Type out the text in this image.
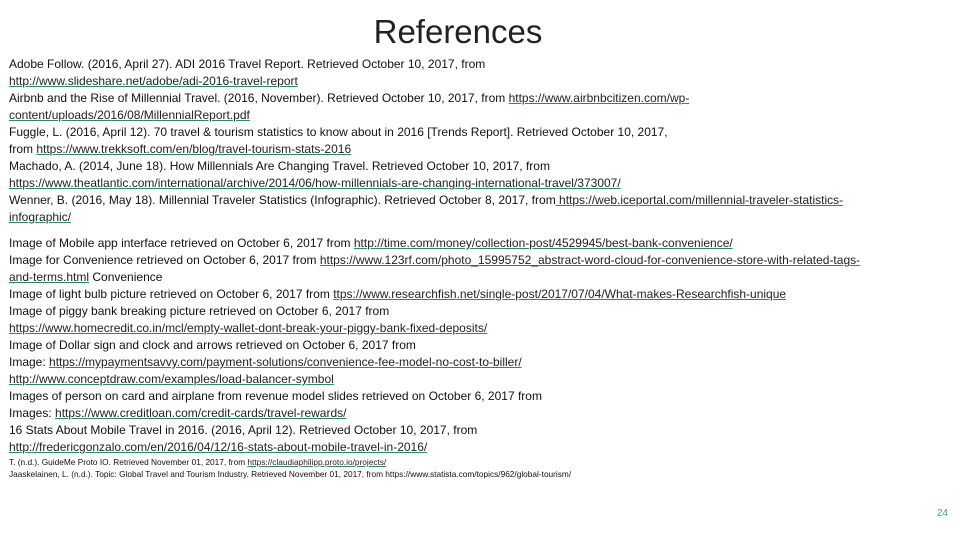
References
Adobe Follow. (2016, April 27). ADI 2016 Travel Report. Retrieved October 10, 2017, from
http://www.slideshare.net/adobe/adi-2016-travel-report
Airbnb and the Rise of Millennial Travel. (2016, November). Retrieved October 10, 2017, from https://www.airbnbcitizen.com/wp-
content/uploads/2016/08/MillennialReport.pdf
Fuggle, L. (2016, April 12). 70 travel & tourism statistics to know about in 2016 [Trends Report]. Retrieved October 10, 2017,
from https://www.trekksoft.com/en/blog/travel-tourism-stats-2016
Machado, A. (2014, June 18). How Millennials Are Changing Travel. Retrieved October 10, 2017, from
https://www.theatlantic.com/international/archive/2014/06/how-millennials-are-changing-international-travel/373007/
Wenner, B. (2016, May 18). Millennial Traveler Statistics (Infographic). Retrieved October 8, 2017, from https://web.iceportal.com/millennial-traveler-statistics-
infographic/
Image of Mobile app interface retrieved on October 6, 2017 from http://time.com/money/collection-post/4529945/best-bank-convenience/
Image for Convenience retrieved on October 6, 2017 from https://www.123rf.com/photo_15995752_abstract-word-cloud-for-convenience-store-with-related-tags-
and-terms.html Convenience
Image of light bulb picture retrieved on October 6, 2017 from ttps://www.researchfish.net/single-post/2017/07/04/What-makes-Researchfish-unique
Image of piggy bank breaking picture retrieved on October 6, 2017 from
https://www.homecredit.co.in/mcl/empty-wallet-dont-break-your-piggy-bank-fixed-deposits/
Image of Dollar sign and clock and arrows retrieved on October 6, 2017 from
Image: https://mypaymentsavvy.com/payment-solutions/convenience-fee-model-no-cost-to-biller/
http://www.conceptdraw.com/examples/load-balancer-symbol
Images of person on card and airplane from revenue model slides retrieved on October 6, 2017 from
Images: https://www.creditloan.com/credit-cards/travel-rewards/
16 Stats About Mobile Travel in 2016. (2016, April 12). Retrieved October 10, 2017, from
http://fredericgonzalo.com/en/2016/04/12/16-stats-about-mobile-travel-in-2016/
T. (n.d.). GuideMe Proto IO. Retrieved November 01, 2017, from https://claudiaphilipp.proto.io/projects/
Jaaskelainen, L. (n.d.). Topic: Global Travel and Tourism Industry. Retrieved November 01, 2017, from https://www.statista.com/topics/962/global-tourism/
24
